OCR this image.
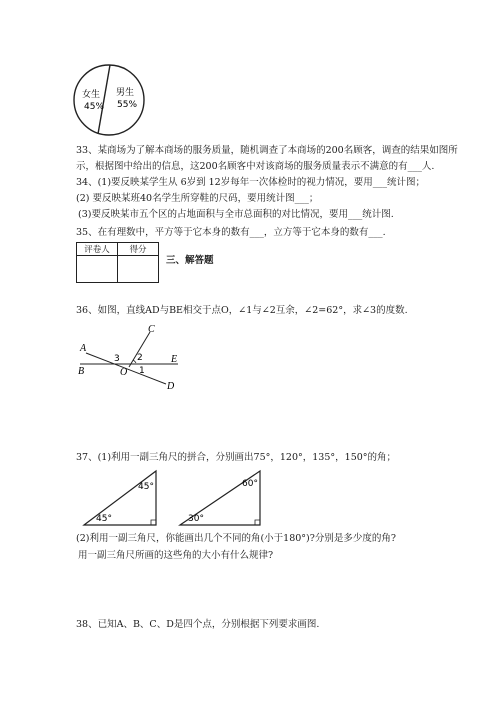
女生
45%
男生
55%
33、某商场为了解本商场的服务质量，随机调查了本商场的200名顾客，调查的结果如图所
示，根据图中给出的信息，这200名顾客中对该商场的服务质量表示不满意的有___人.
34、(1)要反映某学生从 6岁到 12岁每年一次体检时的视力情况，要用___统计图；
(2) 要反映某班40名学生所穿鞋的尺码，要用统计图___；
(3)要反映某市五个区的占地面积与全市总面积的对比情况，要用___统计图.
35、在有理数中，平方等于它本身的数有___，立方等于它本身的数有___.
评卷人	得分

三、解答题
36、如图，直线AD与BE相交于点O，∠1与∠2互余，∠2=62°，求∠3的度数.
C
A
3 2	E
B	O 1
D
37、(1)利用一副三角尺的拼合，分别画出75°，120°，135°，150°的角；
45°
45°
60°
30°
(2)利用一副三角尺，你能画出几个不同的角(小于180°)?分别是多少度的角?
用一副三角尺所画的这些角的大小有什么规律?
38、已知A、B、C、D是四个点，分别根据下列要求画图.
